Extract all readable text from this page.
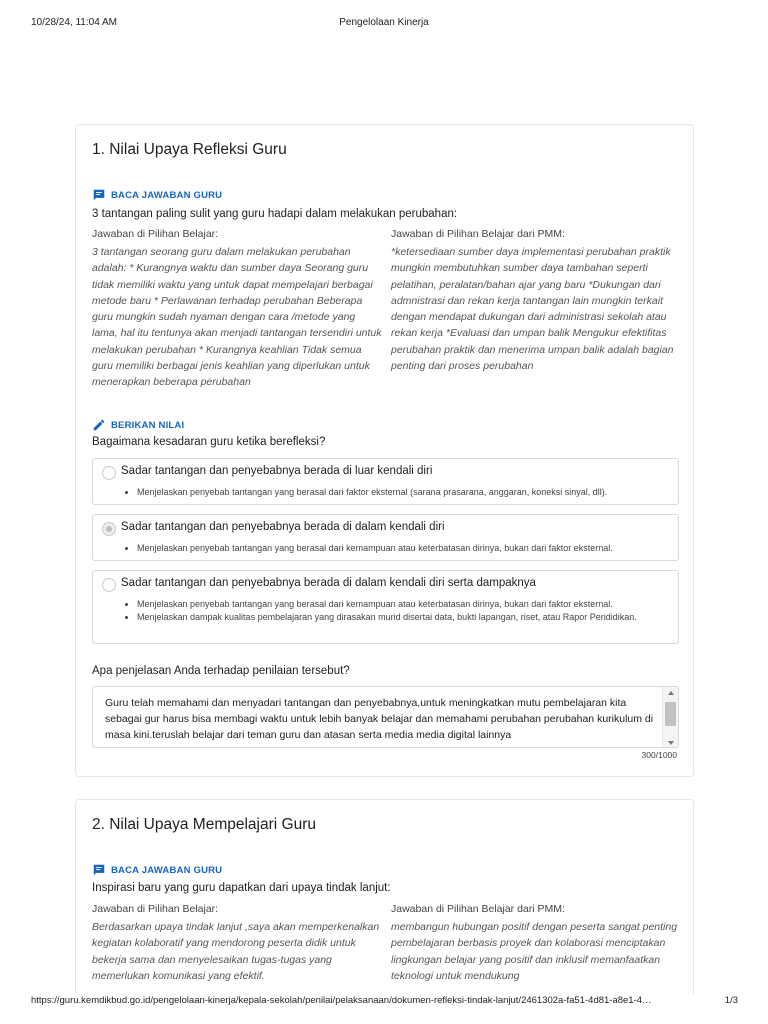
10/28/24, 11:04 AM	Pengelolaan Kinerja
1. Nilai Upaya Refleksi Guru
BACA JAWABAN GURU
3 tantangan paling sulit yang guru hadapi dalam melakukan perubahan:
Jawaban di Pilihan Belajar:
3 tantangan seorang guru dalam melakukan perubahan adalah: * Kurangnya waktu dan sumber daya Seorang guru tidak memiliki waktu yang untuk dapat mempelajari berbagai metode baru * Perlawanan terhadap perubahan Beberapa guru mungkin sudah nyaman dengan cara /metode yang lama, hal itu tentunya akan menjadi tantangan tersendiri untuk melakukan perubahan * Kurangnya keahlian Tidak semua guru memiliki berbagai jenis keahlian yang diperlukan untuk menerapkan beberapa perubahan
Jawaban di Pilihan Belajar dari PMM:
*ketersediaan sumber daya implementasi perubahan praktik mungkin membutuhkan sumber daya tambahan seperti pelatihan, peralatan/bahan ajar yang baru *Dukungan dari admnistrasi dan rekan kerja tantangan lain mungkin terkait dengan mendapat dukungan dari administrasi sekolah atau rekan kerja *Evaluasi dan umpan balik Mengukur efektifitas perubahan praktik dan menerima umpan balik adalah bagian penting dari proses perubahan
BERIKAN NILAI
Bagaimana kesadaran guru ketika berefleksi?
Sadar tantangan dan penyebabnya berada di luar kendali diri
• Menjelaskan penyebab tantangan yang berasal dari faktor eksternal (sarana prasarana, anggaran, koneksi sinyal, dll).
Sadar tantangan dan penyebabnya berada di dalam kendali diri
• Menjelaskan penyebab tantangan yang berasal dari kemampuan atau keterbatasan dirinya, bukan dari faktor eksternal.
Sadar tantangan dan penyebabnya berada di dalam kendali diri serta dampaknya
• Menjelaskan penyebab tantangan yang berasal dari kemampuan atau keterbatasan dirinya, bukan dari faktor eksternal.
• Menjelaskan dampak kualitas pembelajaran yang dirasakan murid disertai data, bukti lapangan, riset, atau Rapor Pendidikan.
Apa penjelasan Anda terhadap penilaian tersebut?
Guru telah memahami dan menyadari tantangan dan penyebabnya,untuk meningkatkan mutu pembelajaran kita sebagai gur harus bisa membagi waktu untuk lebih banyak belajar dan memahami perubahan perubahan kurikulum di masa kini.teruslah belajar dari teman guru dan atasan serta media media digital lainnya
300/1000
2. Nilai Upaya Mempelajari Guru
BACA JAWABAN GURU
Inspirasi baru yang guru dapatkan dari upaya tindak lanjut:
Jawaban di Pilihan Belajar:
Berdasarkan upaya tindak lanjut ,saya akan memperkenalkan kegiatan kolaboratif yang mendorong peserta didik untuk bekerja sama dan menyelesaikan tugas-tugas yang memerlukan komunikasi yang efektif.
Jawaban di Pilihan Belajar dari PMM:
membangun hubungan positif dengan peserta sangat penting pembelajaran berbasis proyek dan kolaborasi menciptakan lingkungan belajar yang positif dan inklusif memanfaatkan teknologi untuk mendukung
https://guru.kemdikbud.go.id/pengelolaan-kinerja/kepala-sekolah/penilai/pelaksanaan/dokumen-refleksi-tindak-lanjut/2461302a-fa51-4d81-a8e1-4…	1/3
